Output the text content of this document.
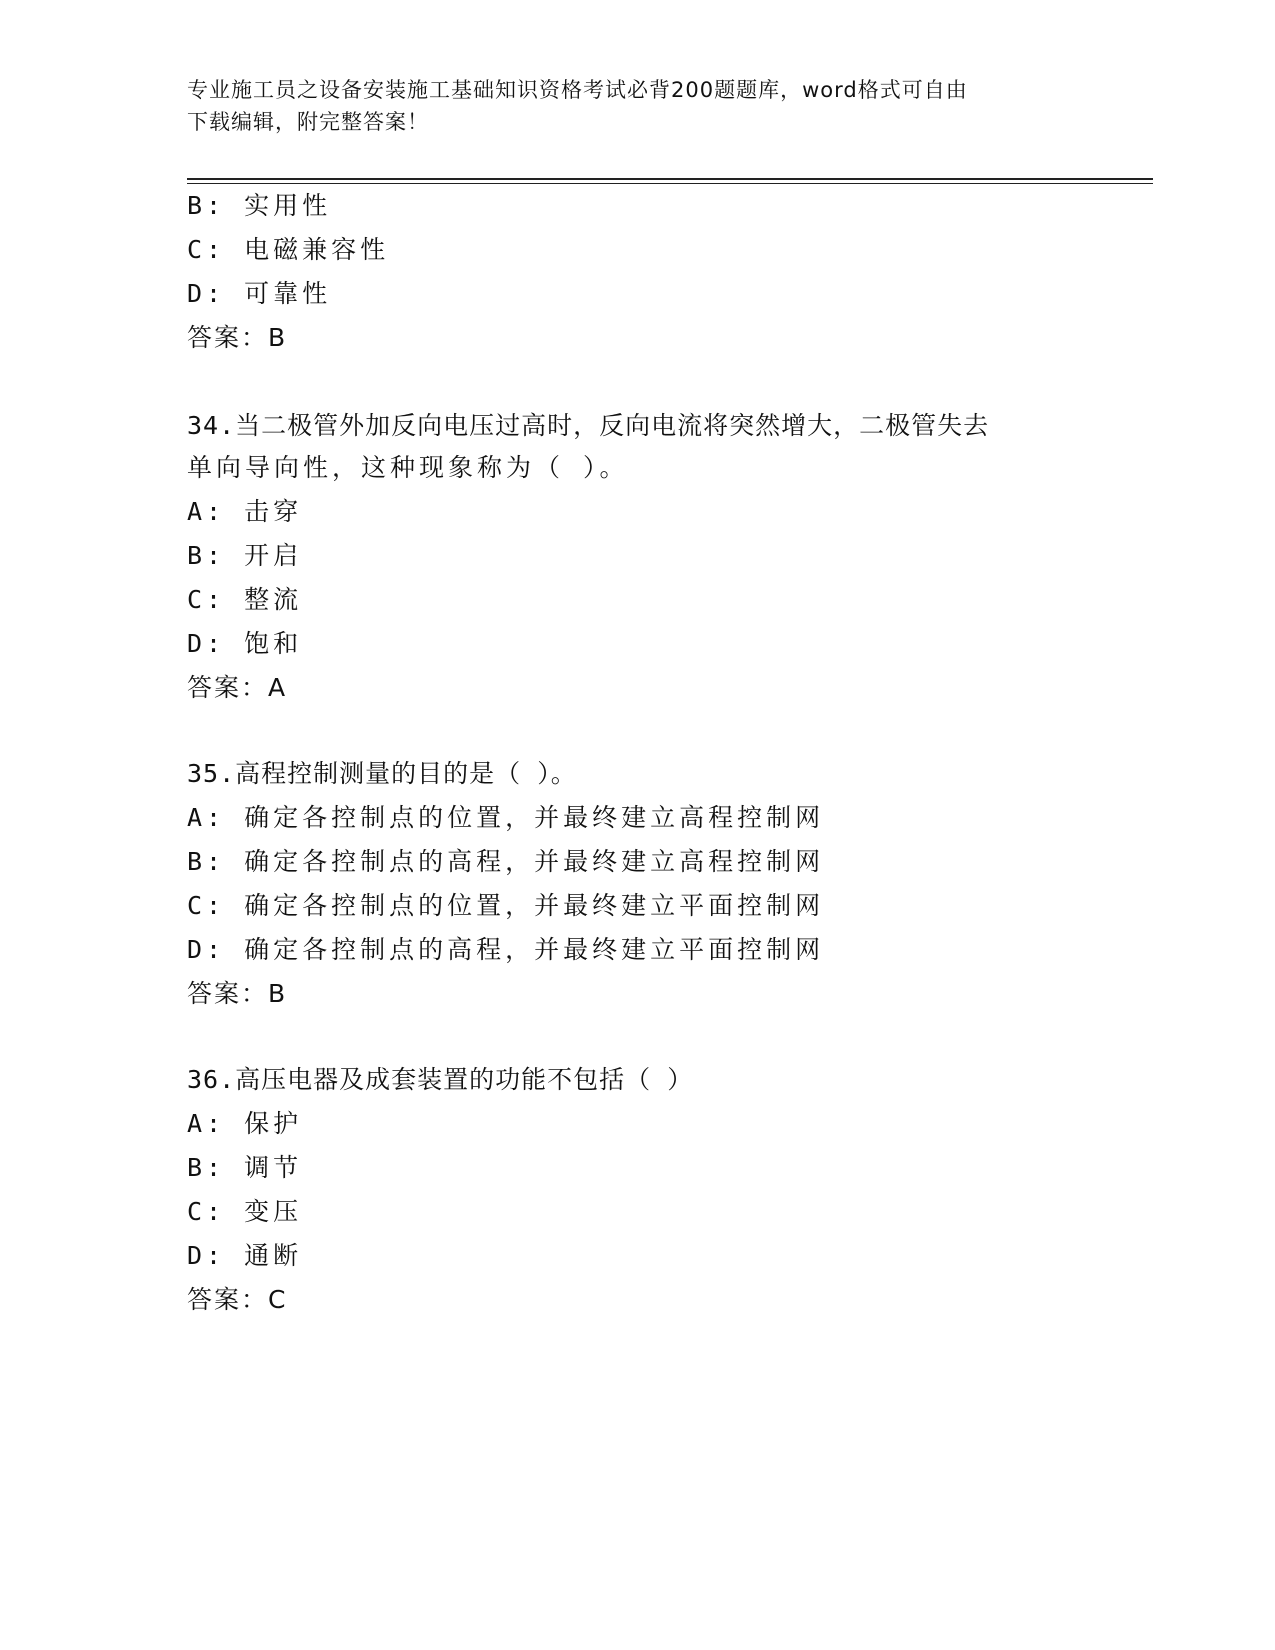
专业施工员之设备安装施工基础知识资格考试必背200题题库，word格式可自由
下载编辑，附完整答案！
B: 实用性
C: 电磁兼容性
D: 可靠性
答案：B
34.当二极管外加反向电压过高时，反向电流将突然增大，二极管失去
单向导向性，这种现象称为（ ）。
A: 击穿
B: 开启
C: 整流
D: 饱和
答案：A
35.高程控制测量的目的是（ ）。
A: 确定各控制点的位置，并最终建立高程控制网
B: 确定各控制点的高程，并最终建立高程控制网
C: 确定各控制点的位置，并最终建立平面控制网
D: 确定各控制点的高程，并最终建立平面控制网
答案：B
36.高压电器及成套装置的功能不包括（ ）
A: 保护
B: 调节
C: 变压
D: 通断
答案：C
